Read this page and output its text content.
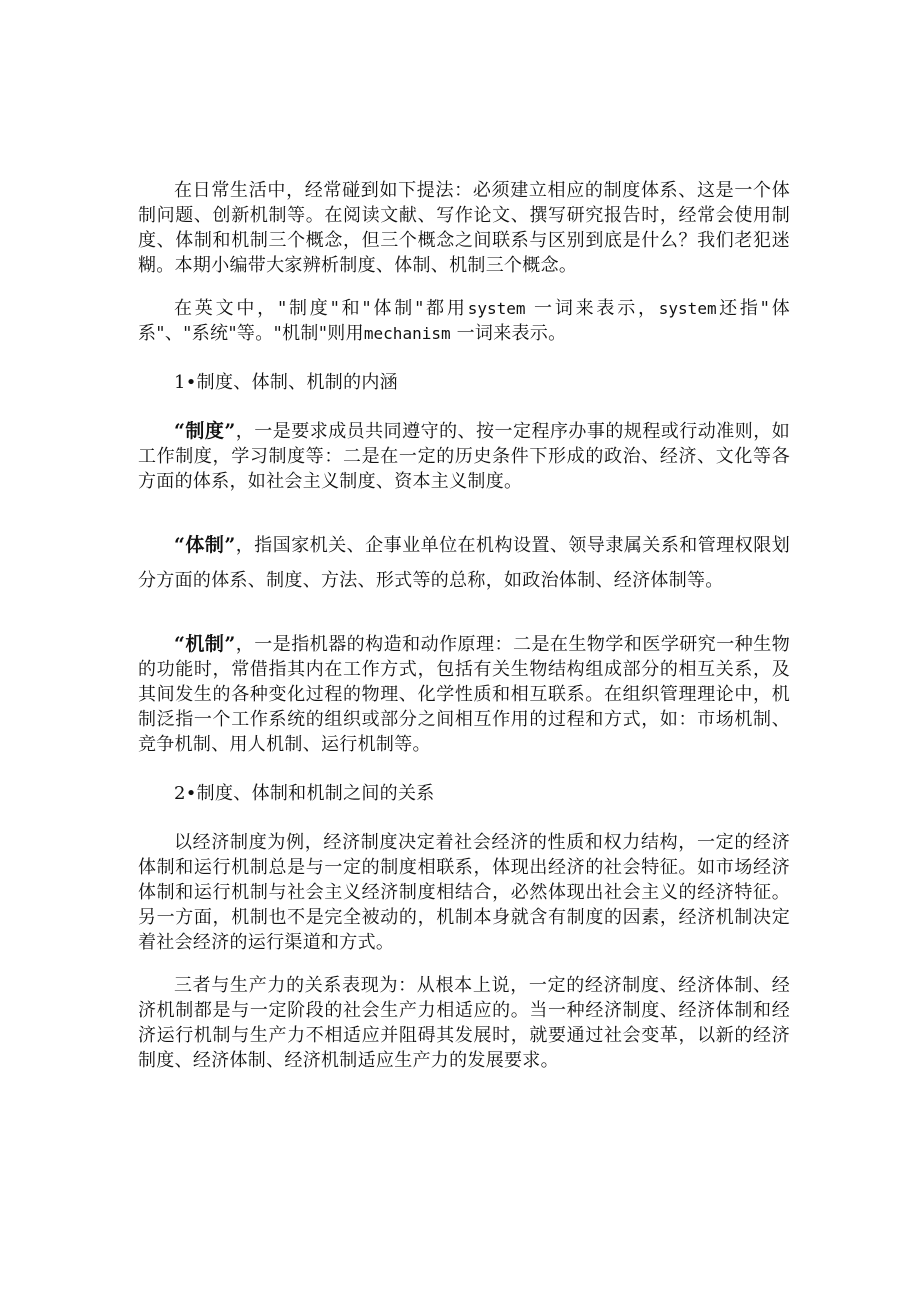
在日常生活中，经常碰到如下提法：必须建立相应的制度体系、这是一个体制问题、创新机制等。在阅读文献、写作论文、撰写研究报告时，经常会使用制度、体制和机制三个概念，但三个概念之间联系与区别到底是什么？我们老犯迷糊。本期小编带大家辨析制度、体制、机制三个概念。

在英文中，"制度"和"体制"都用system 一词来表示，system还指"体系"、"系统"等。"机制"则用mechanism 一词来表示。

1•制度、体制、机制的内涵

“制度”，一是要求成员共同遵守的、按一定程序办事的规程或行动准则，如工作制度，学习制度等：二是在一定的历史条件下形成的政治、经济、文化等各方面的体系，如社会主义制度、资本主义制度。

“体制”，指国家机关、企事业单位在机构设置、领导隶属关系和管理权限划分方面的体系、制度、方法、形式等的总称，如政治体制、经济体制等。

“机制”，一是指机器的构造和动作原理：二是在生物学和医学研究一种生物的功能时，常借指其内在工作方式，包括有关生物结构组成部分的相互关系，及其间发生的各种变化过程的物理、化学性质和相互联系。在组织管理理论中，机制泛指一个工作系统的组织或部分之间相互作用的过程和方式，如：市场机制、 竞争机制、用人机制、运行机制等。

2•制度、体制和机制之间的关系

以经济制度为例，经济制度决定着社会经济的性质和权力结构，一定的经济体制和运行机制总是与一定的制度相联系，体现出经济的社会特征。如市场经济体制和运行机制与社会主义经济制度相结合，必然体现出社会主义的经济特征。另一方面，机制也不是完全被动的，机制本身就含有制度的因素，经济机制决定着社会经济的运行渠道和方式。

三者与生产力的关系表现为：从根本上说，一定的经济制度、经济体制、经济机制都是与一定阶段的社会生产力相适应的。当一种经济制度、经济体制和经济运行机制与生产力不相适应并阻碍其发展时，就要通过社会变革，以新的经济制度、经济体制、经济机制适应生产力的发展要求。
